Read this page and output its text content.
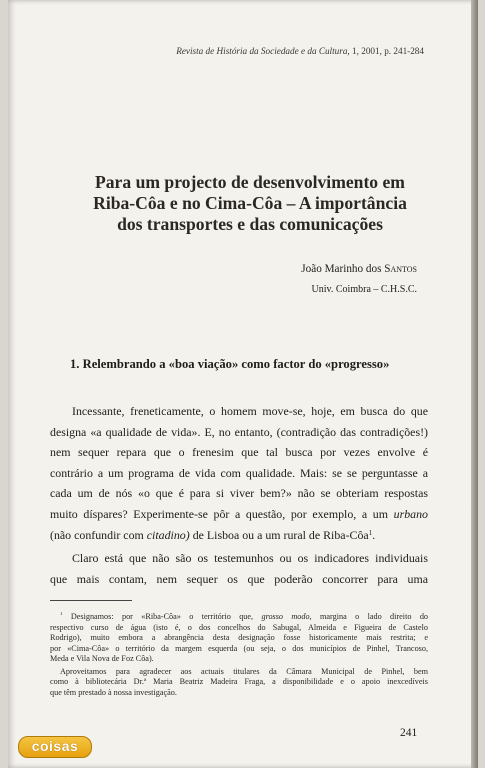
Revista de História da Sociedade e da Cultura, 1, 2001, p. 241-284
Para um projecto de desenvolvimento em
Riba-Côa e no Cima-Côa – A importância
dos transportes e das comunicações
João Marinho dos Santos
Univ. Coimbra – C.H.S.C.
1. Relembrando a «boa viação» como factor do «progresso»
Incessante, freneticamente, o homem move-se, hoje, em busca do que
designa «a qualidade de vida». E, no entanto, (contradição das contradições!)
nem sequer repara que o frenesim que tal busca por vezes envolve é
contrário a um programa de vida com qualidade. Mais: se se perguntasse a
cada um de nós «o que é para si viver bem?» não se obteriam respostas
muito díspares? Experimente-se pôr a questão, por exemplo, a um urbano
(não confundir com citadino) de Lisboa ou a um rural de Riba-Côa$^1$.
Claro está que não são os testemunhos ou os indicadores individuais
que mais contam, nem sequer os que poderão concorrer para uma
$^1$ Designamos: por «Riba-Côa» o território que, grosso modo, margina o lado direito do
respectivo curso de água (isto é, o dos concelhos do Sabugal, Almeida e Figueira de Castelo
Rodrigo), muito embora a abrangência desta designação fosse historicamente mais restrita; e
por «Cima-Côa» o território da margem esquerda (ou seja, o dos municípios de Pinhel, Trancoso,
Meda e Vila Nova de Foz Côa).
Aproveitamos para agradecer aos actuais titulares da Câmara Municipal de Pinhel, bem
como à bibliotecária Dr.ª Maria Beatriz Madeira Fraga, a disponibilidade e o apoio inexcedíveis
que têm prestado à nossa investigação.
241
coisas
